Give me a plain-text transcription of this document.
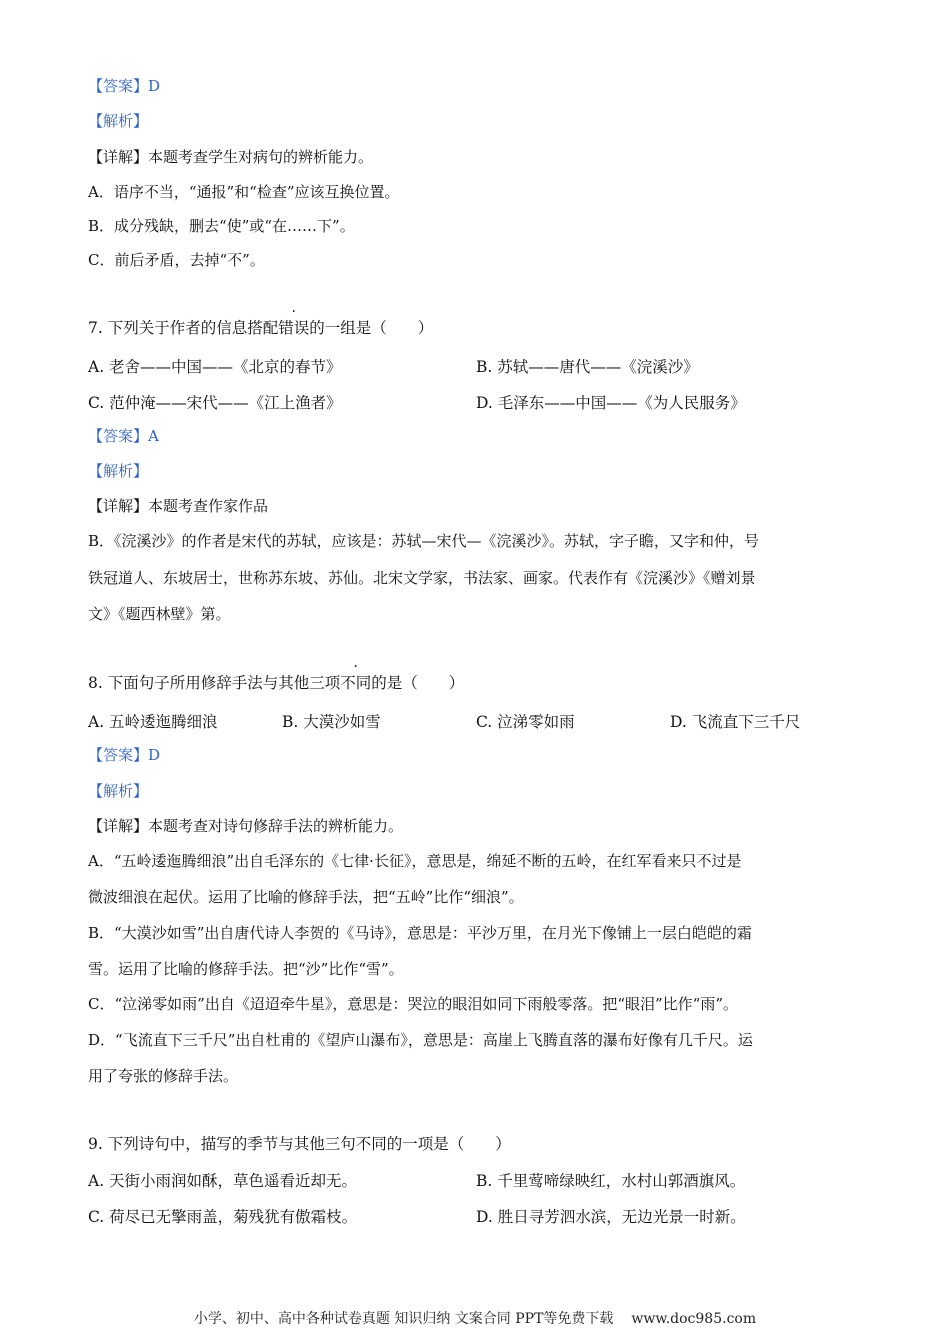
【答案】D
【解析】
【详解】本题考查学生对病句的辨析能力。
A．语序不当，“通报”和“检查”应该互换位置。
B．成分残缺，删去“使”或“在……下”。
C．前后矛盾，去掉“不”。
7. 下列关于作者的信息搭配错误的一组是（　　）
A. 老舍——中国——《北京的春节》	B. 苏轼——唐代——《浣溪沙》
C. 范仲淹——宋代——《江上渔者》	D. 毛泽东——中国——《为人民服务》
【答案】A
【解析】
【详解】本题考查作家作品
B．《浣溪沙》的作者是宋代的苏轼，应该是：苏轼—宋代—《浣溪沙》。苏轼，字子瞻，又字和仲，号
铁冠道人、东坡居士，世称苏东坡、苏仙。北宋文学家，书法家、画家。代表作有《浣溪沙》《赠刘景
文》《题西林壁》第。
8. 下面句子所用修辞手法与其他三项不同的是（　　）
A. 五岭逶迤腾细浪	B. 大漠沙如雪	C. 泣涕零如雨	D. 飞流直下三千尺
【答案】D
【解析】
【详解】本题考查对诗句修辞手法的辨析能力。
A．“五岭逶迤腾细浪”出自毛泽东的《七律·长征》，意思是，绵延不断的五岭，在红军看来只不过是
微波细浪在起伏。运用了比喻的修辞手法，把“五岭”比作“细浪”。
B．“大漠沙如雪”出自唐代诗人李贺的《马诗》，意思是：平沙万里，在月光下像铺上一层白皑皑的霜
雪。运用了比喻的修辞手法。把“沙”比作“雪”。
C．“泣涕零如雨”出自《迢迢牵牛星》，意思是：哭泣的眼泪如同下雨般零落。把“眼泪”比作“雨”。
D．“飞流直下三千尺”出自杜甫的《望庐山瀑布》，意思是：高崖上飞腾直落的瀑布好像有几千尺。运
用了夸张的修辞手法。
9. 下列诗句中，描写的季节与其他三句不同的一项是（　　）
A. 天街小雨润如酥，草色遥看近却无。	B. 千里莺啼绿映红，水村山郭酒旗风。
C. 荷尽已无擎雨盖，菊残犹有傲霜枝。	D. 胜日寻芳泗水滨，无边光景一时新。
小学、初中、高中各种试卷真题 知识归纳 文案合同 PPT等免费下载 www.doc985.com
